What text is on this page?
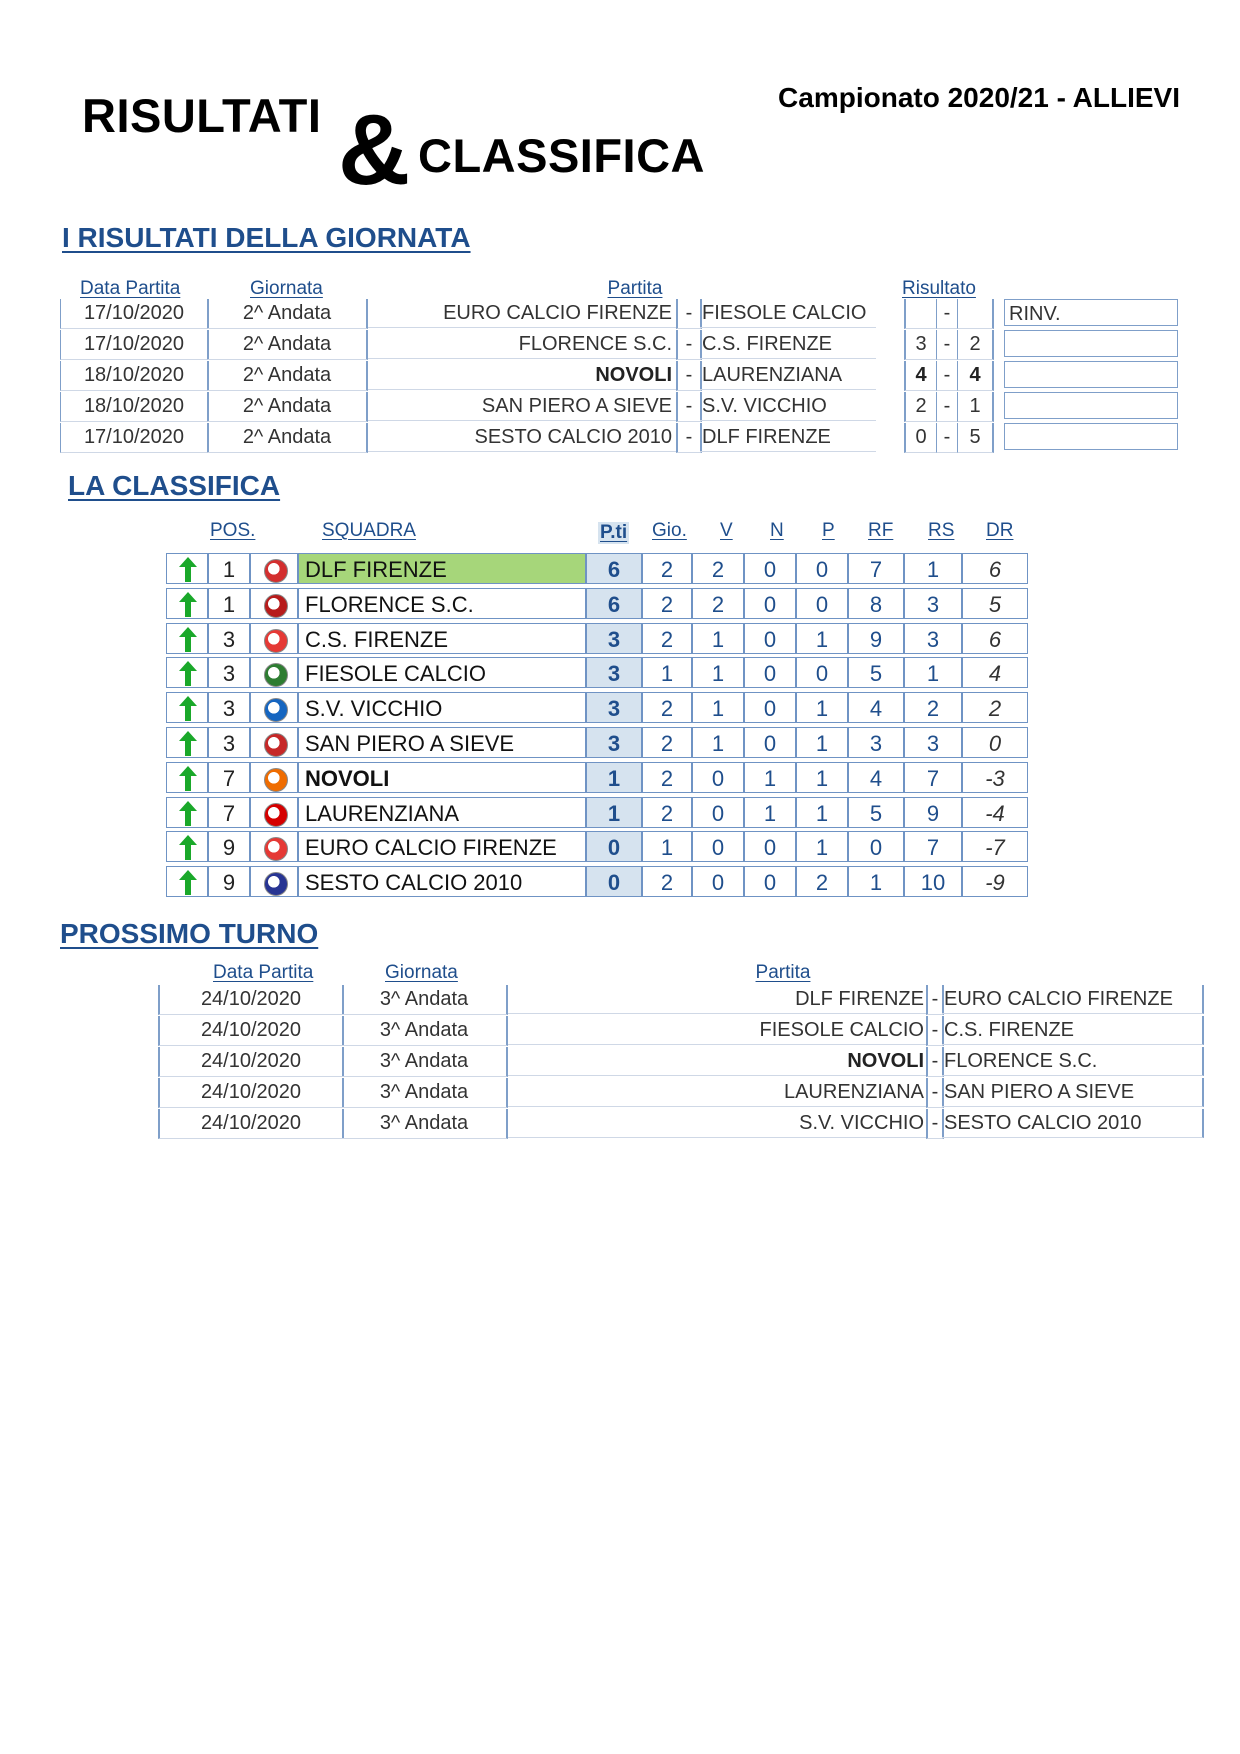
RISULTATI & CLASSIFICA
Campionato 2020/21 - ALLIEVI
I RISULTATI DELLA GIORNATA
Data Partita	Giornata	Partita	Risultato
17/10/2020	2^ Andata	EURO CALCIO FIRENZE - FIESOLE CALCIO	-	RINV.
17/10/2020	2^ Andata	FLORENCE S.C. - C.S. FIRENZE	3 - 2
18/10/2020	2^ Andata	NOVOLI - LAURENZIANA	4 - 4
18/10/2020	2^ Andata	SAN PIERO A SIEVE - S.V. VICCHIO	2 - 1
17/10/2020	2^ Andata	SESTO CALCIO 2010 - DLF FIRENZE	0 - 5
LA CLASSIFICA
POS.	SQUADRA	P.ti Gio. V N P RF RS DR
1	DLF FIRENZE	6	2	2	0	0	7	1	6
1	FLORENCE S.C.	6	2	2	0	0	8	3	5
3	C.S. FIRENZE	3	2	1	0	1	9	3	6
3	FIESOLE CALCIO	3	1	1	0	0	5	1	4
3	S.V. VICCHIO	3	2	1	0	1	4	2	2
3	SAN PIERO A SIEVE	3	2	1	0	1	3	3	0
7	NOVOLI	1	2	0	1	1	4	7	-3
7	LAURENZIANA	1	2	0	1	1	5	9	-4
9	EURO CALCIO FIRENZE	0	1	0	0	1	0	7	-7
9	SESTO CALCIO 2010	0	2	0	0	2	1	10	-9
PROSSIMO TURNO
Data Partita	Giornata	Partita
24/10/2020	3^ Andata	DLF FIRENZE - EURO CALCIO FIRENZE
24/10/2020	3^ Andata	FIESOLE CALCIO - C.S. FIRENZE
24/10/2020	3^ Andata	NOVOLI - FLORENCE S.C.
24/10/2020	3^ Andata	LAURENZIANA - SAN PIERO A SIEVE
24/10/2020	3^ Andata	S.V. VICCHIO - SESTO CALCIO 2010
